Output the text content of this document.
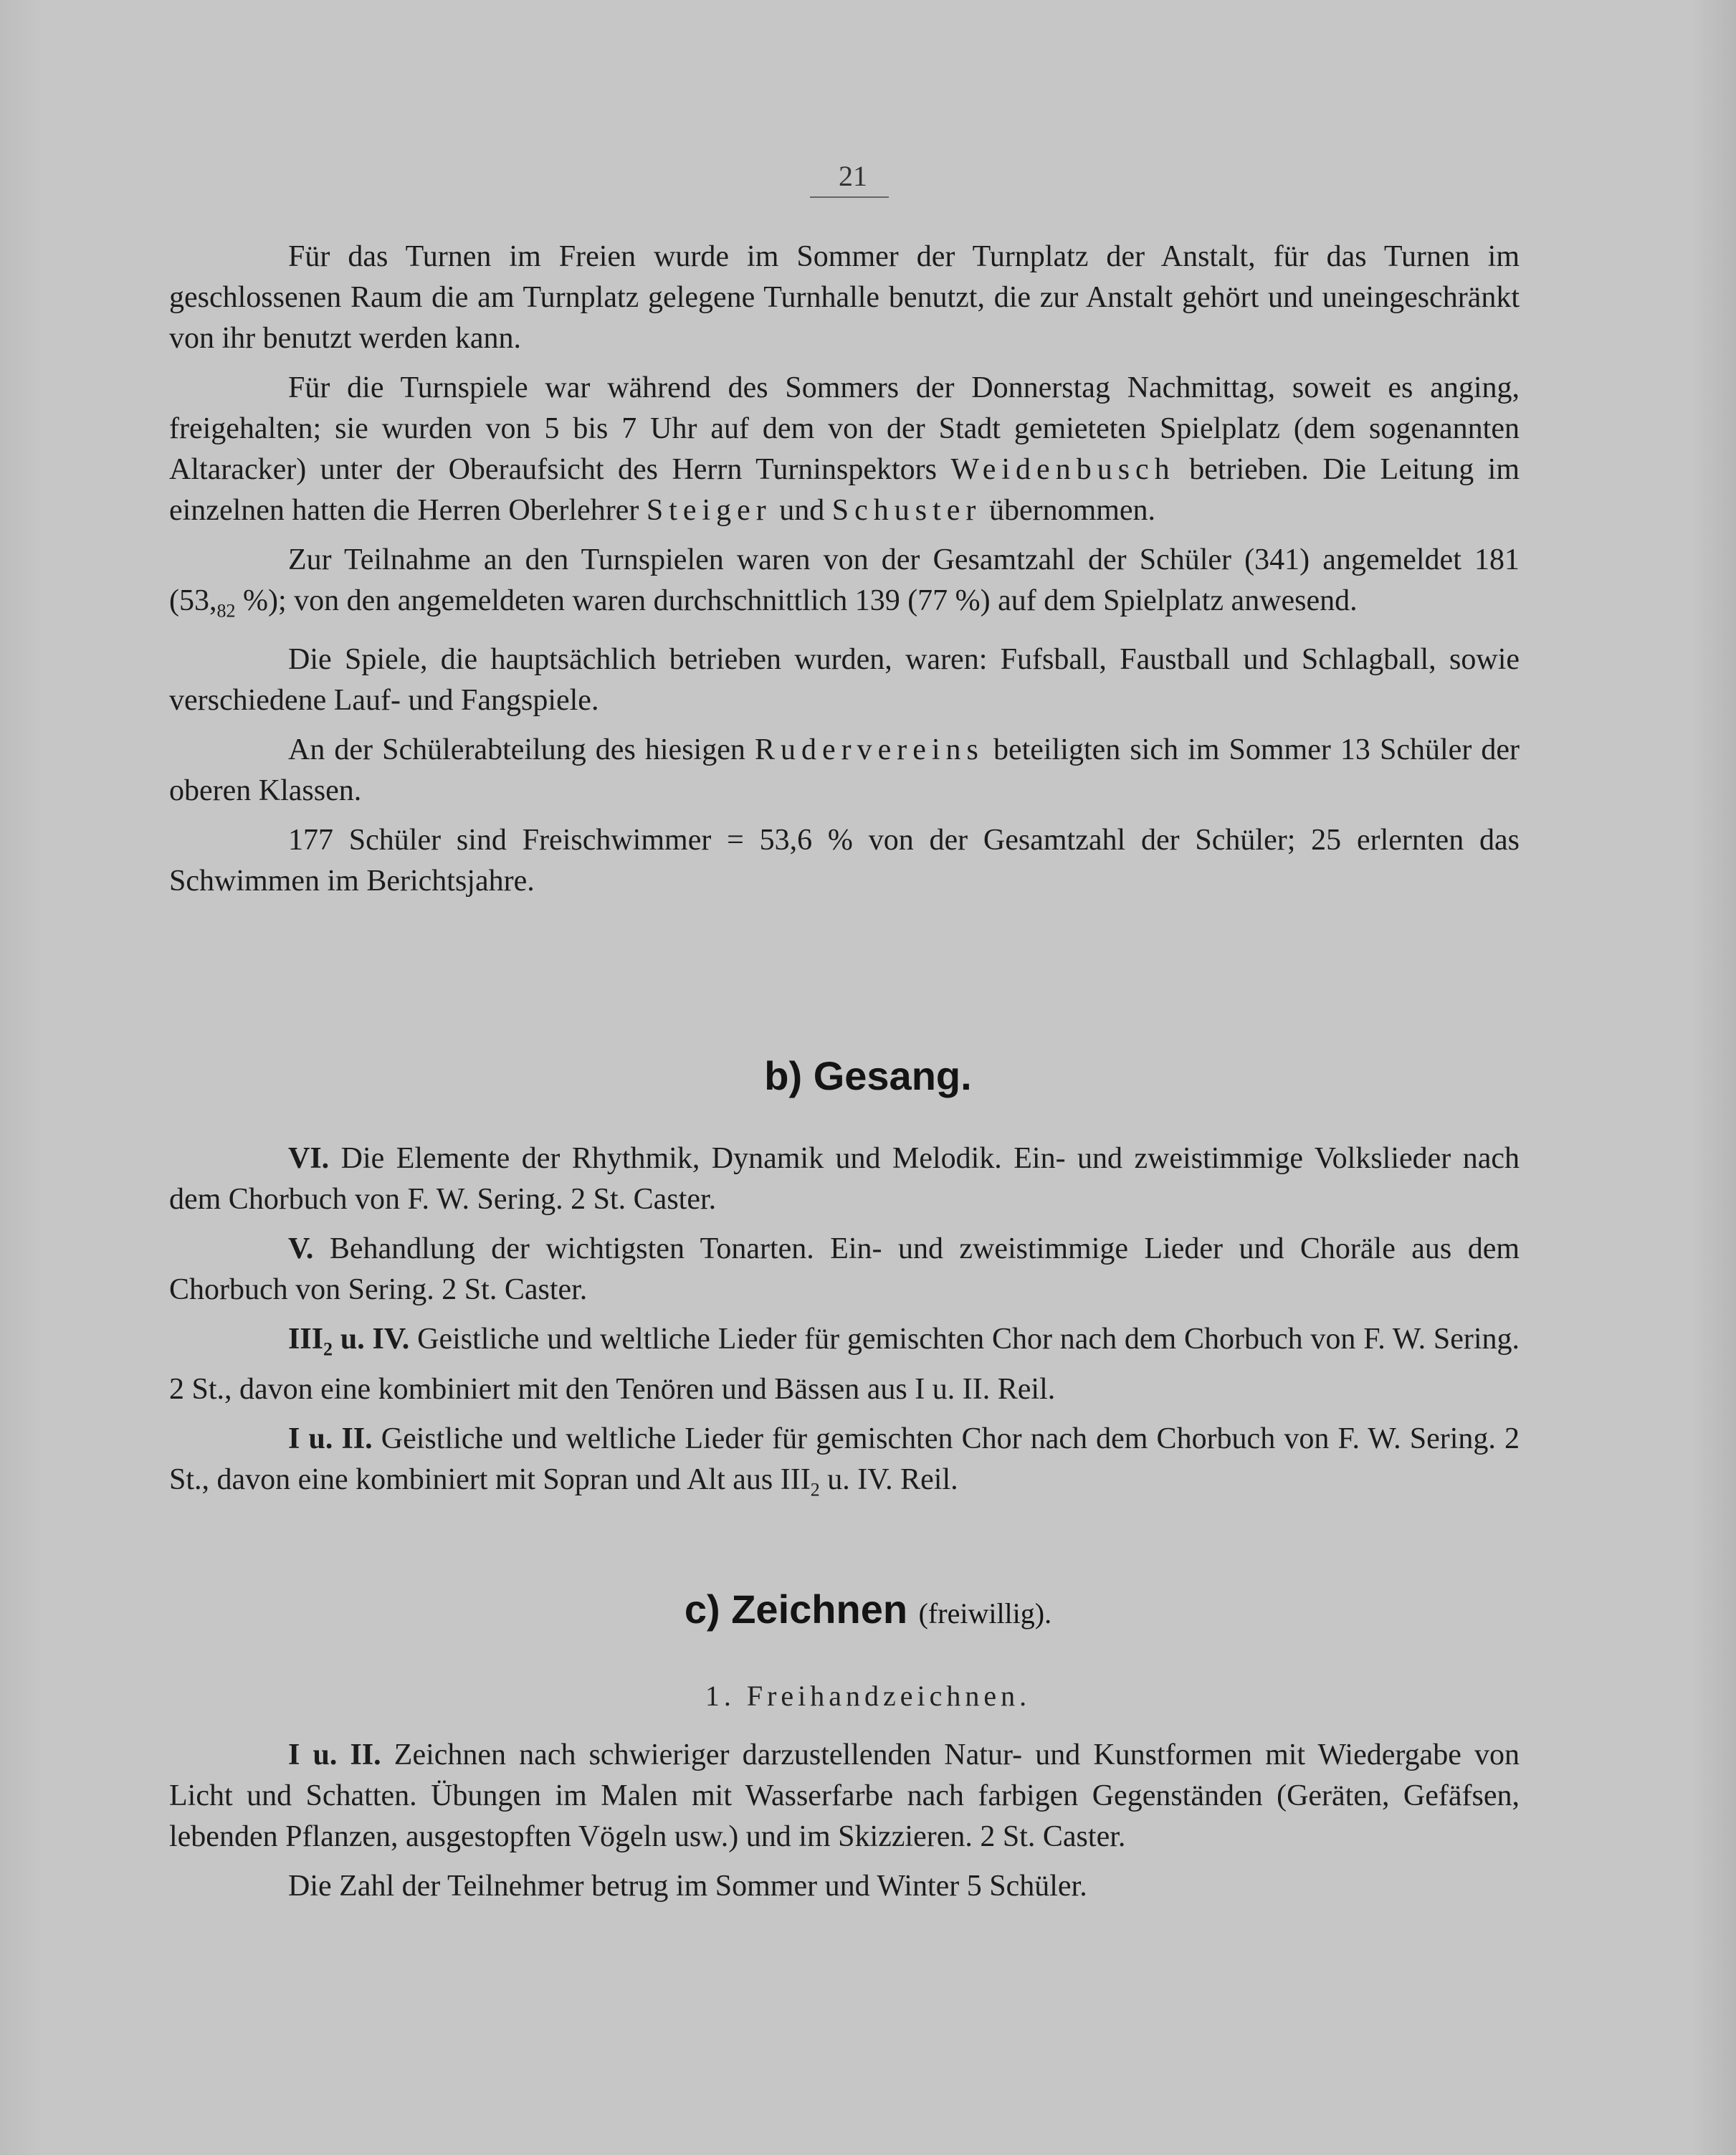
21

Für das Turnen im Freien wurde im Sommer der Turnplatz der Anstalt, für das Turnen im geschlossenen Raum die am Turnplatz gelegene Turnhalle benutzt, die zur Anstalt gehört und uneingeschränkt von ihr benutzt werden kann.

Für die Turnspiele war während des Sommers der Donnerstag Nachmittag, soweit es anging, freigehalten; sie wurden von 5 bis 7 Uhr auf dem von der Stadt gemieteten Spielplatz (dem sogenannten Altaracker) unter der Oberaufsicht des Herrn Turninspektors Weidenbusch betrieben. Die Leitung im einzelnen hatten die Herren Oberlehrer Steiger und Schuster übernommen.

Zur Teilnahme an den Turnspielen waren von der Gesamtzahl der Schüler (341) angemeldet 181 ($53,_{82}$ %); von den angemeldeten waren durchschnittlich 139 (77 %) auf dem Spielplatz anwesend.

Die Spiele, die hauptsächlich betrieben wurden, waren: Fufsball, Faustball und Schlagball, sowie verschiedene Lauf- und Fangspiele.

An der Schülerabteilung des hiesigen Rudervereins beteiligten sich im Sommer 13 Schüler der oberen Klassen.

177 Schüler sind Freischwimmer = 53,6 % von der Gesamtzahl der Schüler; 25 erlernten das Schwimmen im Berichtsjahre.

b) Gesang.

VI. Die Elemente der Rhythmik, Dynamik und Melodik. Ein- und zweistimmige Volkslieder nach dem Chorbuch von F. W. Sering. 2 St. Caster.

V. Behandlung der wichtigsten Tonarten. Ein- und zweistimmige Lieder und Choräle aus dem Chorbuch von Sering. 2 St. Caster.

$III_2$ u. IV. Geistliche und weltliche Lieder für gemischten Chor nach dem Chorbuch von F. W. Sering. 2 St., davon eine kombiniert mit den Tenören und Bässen aus I u. II. Reil.

I u. II. Geistliche und weltliche Lieder für gemischten Chor nach dem Chorbuch von F. W. Sering. 2 St., davon eine kombiniert mit Sopran und Alt aus $III_2$ u. IV. Reil.

c) Zeichnen (freiwillig).
1. Freihandzeichnen.

I u. II. Zeichnen nach schwieriger darzustellenden Natur- und Kunstformen mit Wiedergabe von Licht und Schatten. Übungen im Malen mit Wasserfarbe nach farbigen Gegenständen (Geräten, Gefäfsen, lebenden Pflanzen, ausgestopften Vögeln usw.) und im Skizzieren. 2 St. Caster.

Die Zahl der Teilnehmer betrug im Sommer und Winter 5 Schüler.
